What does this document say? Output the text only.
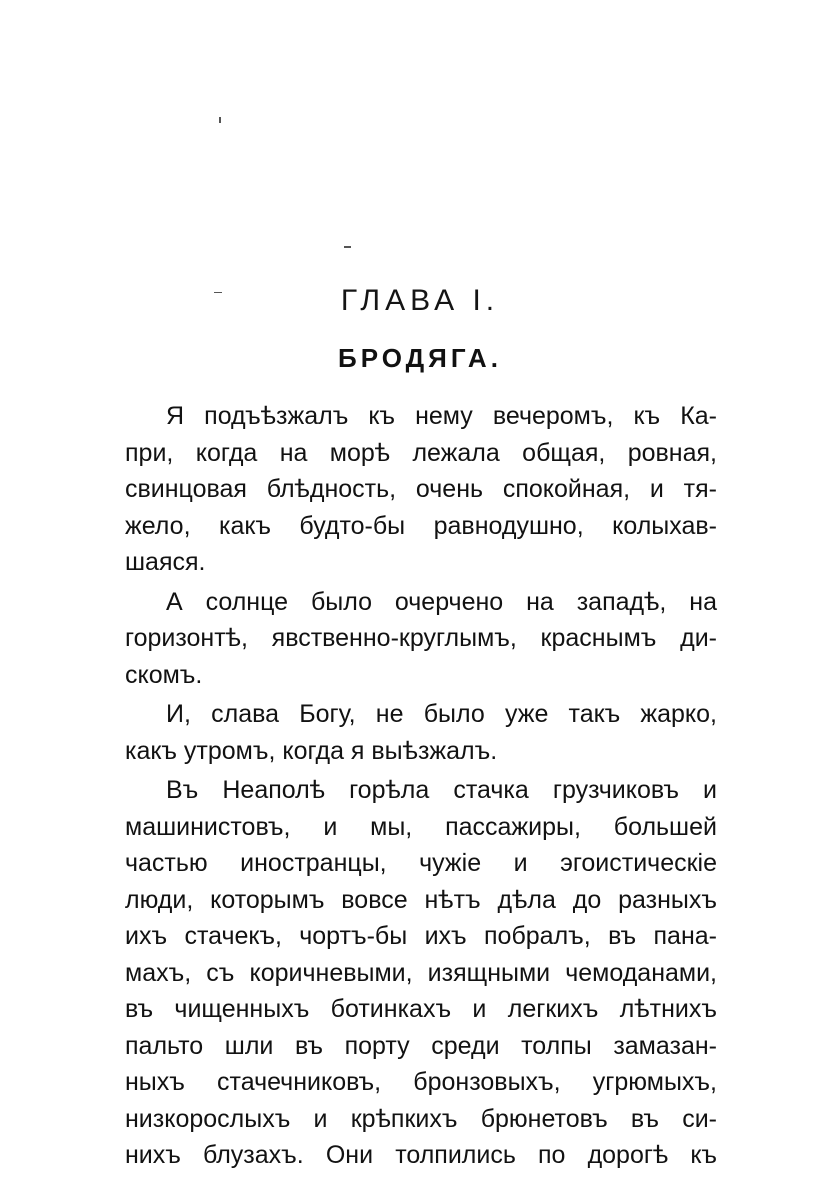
ГЛАВА I.
БРОДЯГА.
Я подъѣзжалъ къ нему вечеромъ, къ Ка-
при, когда на морѣ лежала общая, ровная,
свинцовая блѣдность, очень спокойная, и тя-
жело, какъ будто-бы равнодушно, колыхав-
шаяся.
А солнце было очерчено на западѣ, на
горизонтѣ, явственно-круглымъ, краснымъ ди-
скомъ.
И, слава Богу, не было уже такъ жарко,
какъ утромъ, когда я выѣзжалъ.
Въ Неаполѣ горѣла стачка грузчиковъ и
машинистовъ, и мы, пассажиры, большей
частью иностранцы, чужіе и эгоистическіе
люди, которымъ вовсе нѣтъ дѣла до разныхъ
ихъ стачекъ, чортъ-бы ихъ побралъ, въ пана-
махъ, съ коричневыми, изящными чемоданами,
въ чищенныхъ ботинкахъ и легкихъ лѣтнихъ
пальто шли въ порту среди толпы замазан-
ныхъ стачечниковъ, бронзовыхъ, угрюмыхъ,
низкорослыхъ и крѣпкихъ брюнетовъ въ си-
нихъ блузахъ. Они толпились по дорогѣ къ
